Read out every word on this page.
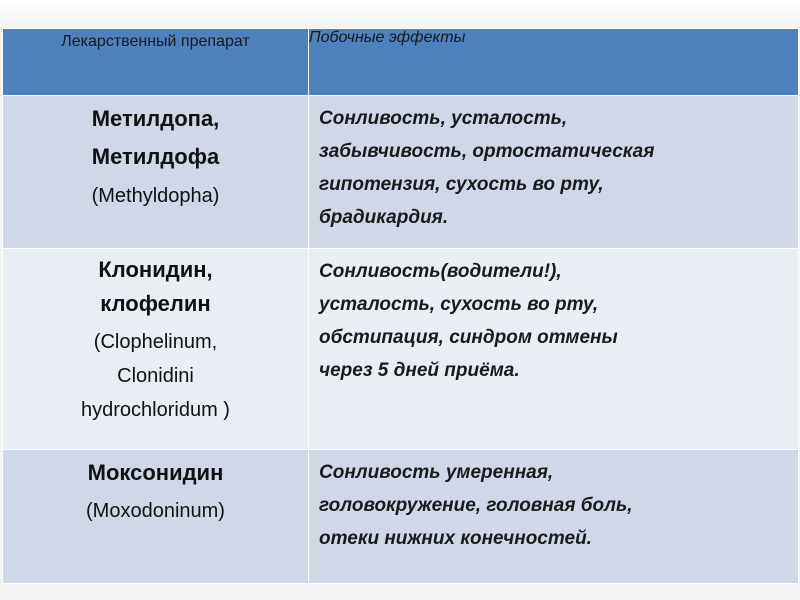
Лекарственный препарат	Побочные эффекты

Метилдопа,
Метилдофа
(Methyldopha)	Сонливость, усталость,
забывчивость, ортостатическая
гипотензия, сухость во рту,
брадикардия.

Клонидин,
клофелин
(Clophelinum,
Clonidini
hydrochloridum )	Сонливость(водители!),
усталость, сухость во рту,
обстипация, синдром отмены
через 5 дней приёма.

Моксонидин
(Moxodoninum)	Сонливость умеренная,
головокружение, головная боль,
отеки нижних конечностей.
